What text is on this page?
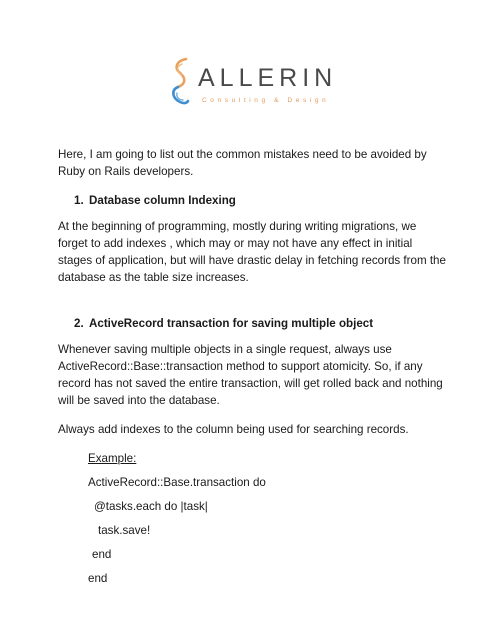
ALLERIN
Consulting & Design

Here, I am going to list out the common mistakes need to be avoided by Ruby on Rails developers.

1. Database column Indexing

At the beginning of programming, mostly during writing migrations, we forget to add indexes , which may or may not have any effect in initial stages of application, but will have drastic delay in fetching records from the database as the table size increases.

2. ActiveRecord transaction for saving multiple object

Whenever saving multiple objects in a single request, always use ActiveRecord::Base::transaction method to support atomicity. So, if any record has not saved the entire transaction, will get rolled back and nothing will be saved into the database.

Always add indexes to the column being used for searching records.

Example:

ActiveRecord::Base.transaction do

@tasks.each do |task|

task.save!

end

end
